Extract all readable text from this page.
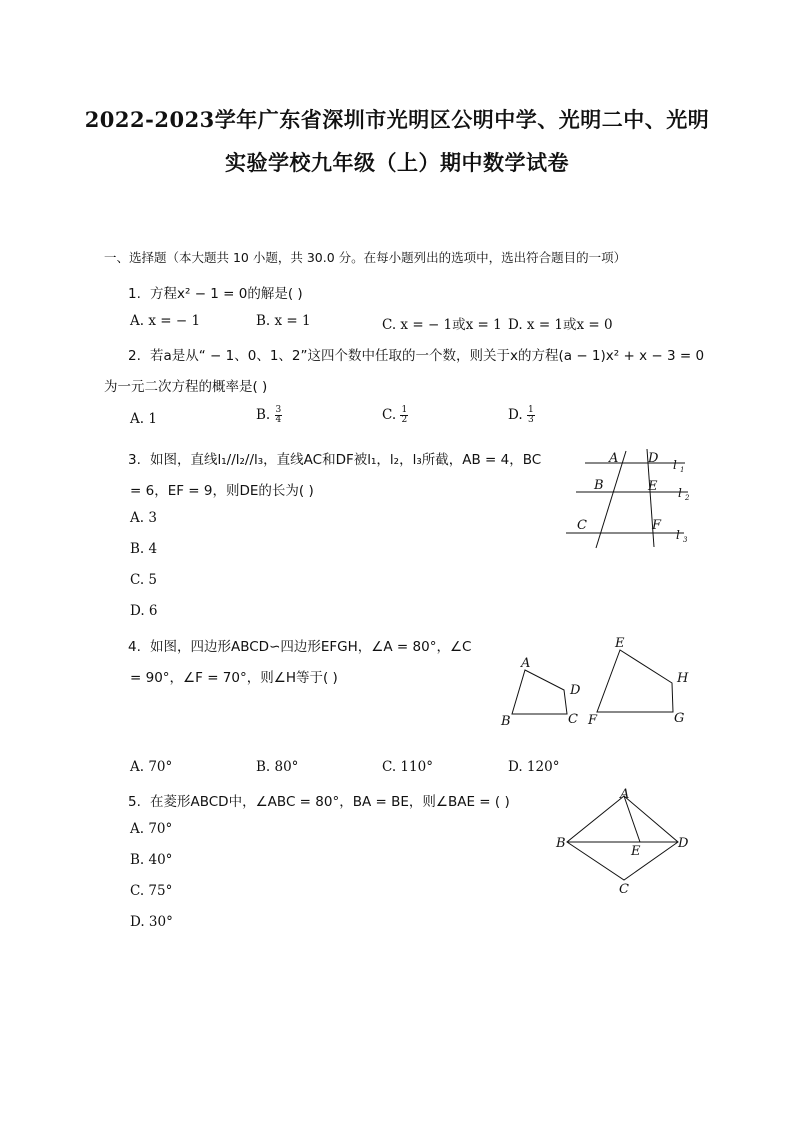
2022-2023学年广东省深圳市光明区公明中学、光明二中、光明
实验学校九年级（上）期中数学试卷
一、选择题（本大题共 10 小题，共 30.0 分。在每小题列出的选项中，选出符合题目的一项）
1. 方程x² − 1 = 0的解是( )
A. x = − 1	B. x = 1	C. x = − 1或x = 1 D. x = 1或x = 0
2. 若a是从“ − 1、0、1、2”这四个数中任取的一个数，则关于x的方程(a − 1)x² + x − 3 = 0
为一元二次方程的概率是( )
A. 1	B. $\frac{3}{4}$	C. $\frac{1}{2}$	D. $\frac{1}{3}$
3. 如图，直线l₁//l₂//l₃，直线AC和DF被l₁，l₂，l₃所截，AB = 4，BC
= 6，EF = 9，则DE的长为( )
A. 3
B. 4
C. 5
D. 6
A D
B	E
C	F
l 1
l 2
l 3
4. 如图，四边形ABCD∽四边形EFGH，∠A = 80°，∠C
= 90°，∠F = 70°，则∠H等于( )
A. 70°	B. 80°	C. 110°	D. 120°
A
D
B	C
E
H
F	G
5. 在菱形ABCD中，∠ABC = 80°，BA = BE，则∠BAE = ( )
A. 70°
B. 40°
C. 75°
D. 30°
A
B
E
D
C
